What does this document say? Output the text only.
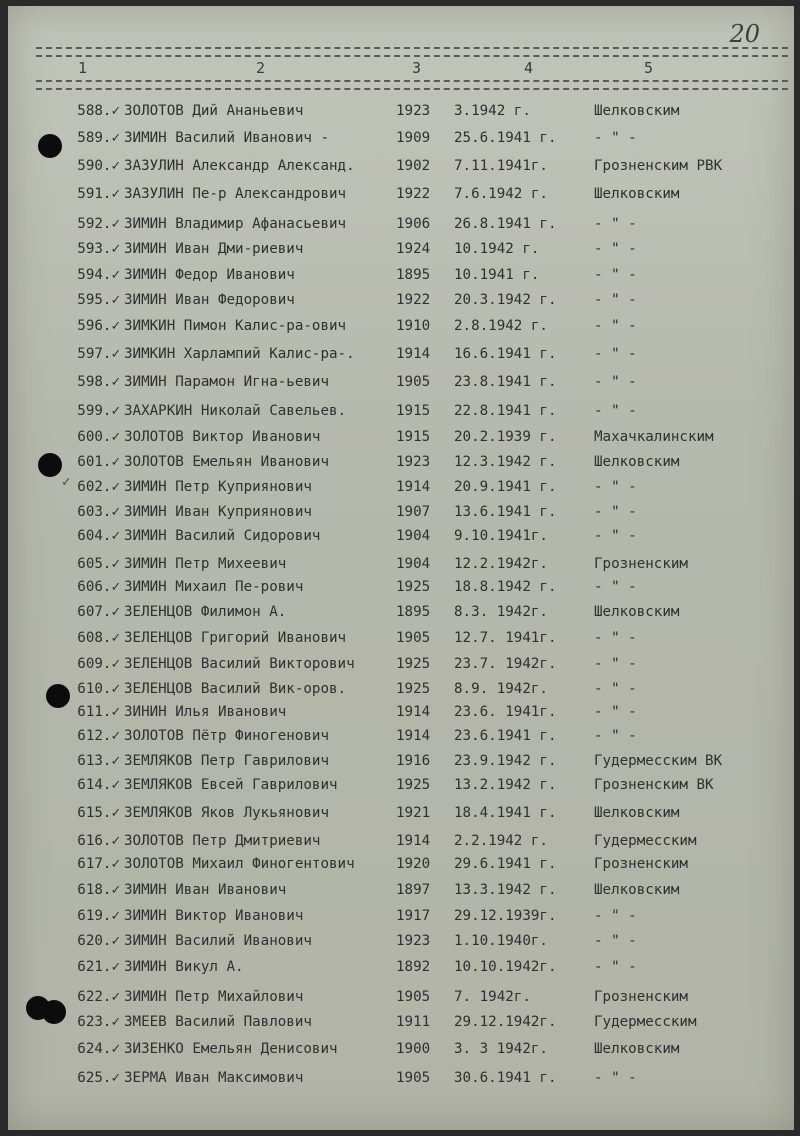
20
1	2	3	4	5
588.✓ ЗОЛОТОВ Дий Ананьевич	1923 3.1942 г.	Шелковским
589.✓ ЗИМИН Василий Иванович -	1909 25.6.1941 г.	- " -
590.✓ ЗАЗУЛИН Александр Александ.	1902 7.11.1941г.	Грозненским РВК
591.✓ ЗАЗУЛИН Пе-р Александрович	1922 7.6.1942 г.	Шелковским
592.✓ ЗИМИН Владимир Афанасьевич	1906 26.8.1941 г.	- " -
593.✓ ЗИМИН Иван Дми-риевич	1924 10.1942 г.	- " -
594.✓ ЗИМИН Федор Иванович	1895 10.1941 г.	- " -
595.✓ ЗИМИН Иван Федорович	1922 20.3.1942 г.	- " -
596.✓ ЗИМКИН Пимон Калис-ра-ович	1910 2.8.1942 г.	- " -
597.✓ ЗИМКИН Харлампий Калис-ра-.	1914 16.6.1941 г.	- " -
598.✓ ЗИМИН Парамон Игна-ьевич	1905 23.8.1941 г.	- " -
599.✓ ЗАХАРКИН Николай Савельев.	1915 22.8.1941 г.	- " -
600.✓ ЗОЛОТОВ Виктор Иванович	1915 20.2.1939 г.	Махачкалинским
601.✓ ЗОЛОТОВ Емельян Иванович	1923 12.3.1942 г.	Шелковским
602.✓ ЗИМИН Петр Куприянович	1914 20.9.1941 г.	- " -
603.✓ ЗИМИН Иван Куприянович	1907 13.6.1941 г.	- " -
604.✓ ЗИМИН Василий Сидорович	1904 9.10.1941г.	- " -
605.✓ ЗИМИН Петр Михеевич	1904 12.2.1942г.	Грозненским
606.✓ ЗИМИН Михаил Пе-рович	1925 18.8.1942 г.	- " -
607.✓ ЗЕЛЕНЦОВ Филимон А.	1895 8.3. 1942г.	Шелковским
608.✓ ЗЕЛЕНЦОВ Григорий Иванович	1905 12.7. 1941г.	- " -
609.✓ ЗЕЛЕНЦОВ Василий Викторович	1925 23.7. 1942г.	- " -
610.✓ ЗЕЛЕНЦОВ Василий Вик-оров.	1925 8.9. 1942г.	- " -
611.✓ ЗИНИН Илья Иванович	1914 23.6. 1941г.	- " -
612.✓ ЗОЛОТОВ Пётр Финогенович	1914 23.6.1941 г.	- " -
613.✓ ЗЕМЛЯКОВ Петр Гаврилович	1916 23.9.1942 г.	Гудермесским ВК
614.✓ ЗЕМЛЯКОВ Евсей Гаврилович	1925 13.2.1942 г.	Грозненским ВК
615.✓ ЗЕМЛЯКОВ Яков Лукьянович	1921 18.4.1941 г.	Шелковским
616.✓ ЗОЛОТОВ Петр Дмитриевич	1914 2.2.1942 г.	Гудермесским
617.✓ ЗОЛОТОВ Михаил Финогентович	1920 29.6.1941 г.	Грозненским
618.✓ ЗИМИН Иван Иванович	1897 13.3.1942 г.	Шелковским
619.✓ ЗИМИН Виктор Иванович	1917 29.12.1939г.	- " -
620.✓ ЗИМИН Василий Иванович	1923 1.10.1940г.	- " -
621.✓ ЗИМИН Викул А.	1892 10.10.1942г.	- " -
622.✓ ЗИМИН Петр Михайлович	1905 7. 1942г.	Грозненским
623.✓ ЗМЕЕВ Василий Павлович	1911 29.12.1942г.	Гудермесским
624.✓ ЗИЗЕНКО Емельян Денисович	1900 3. 3 1942г.	Шелковским
625.✓ ЗЕРМА Иван Максимович	1905 30.6.1941 г.	- " -
✓
